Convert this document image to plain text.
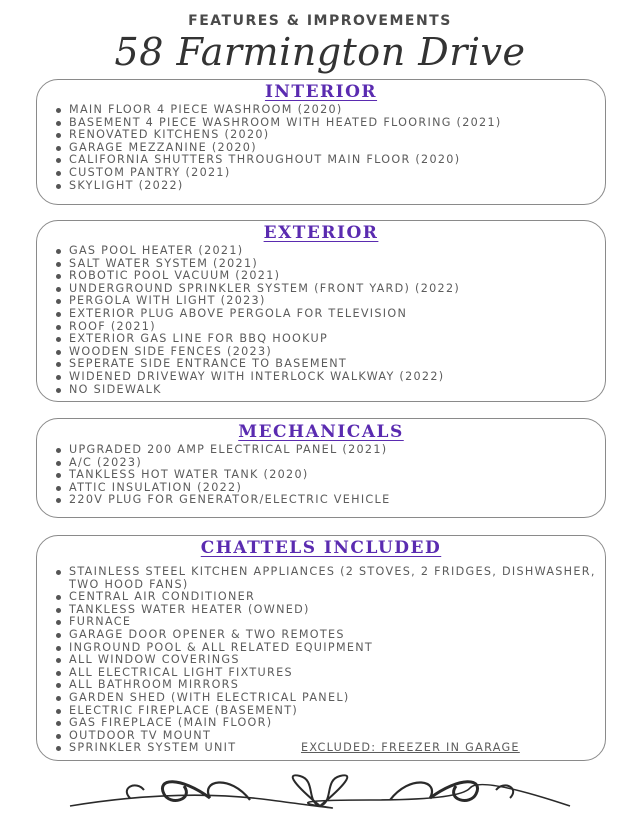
FEATURES & IMPROVEMENTS
58 Farmington Drive
INTERIOR
MAIN FLOOR 4 PIECE WASHROOM (2020)
BASEMENT 4 PIECE WASHROOM WITH HEATED FLOORING (2021)
RENOVATED KITCHENS (2020)
GARAGE MEZZANINE (2020)
CALIFORNIA SHUTTERS THROUGHOUT MAIN FLOOR (2020)
CUSTOM PANTRY (2021)
SKYLIGHT (2022)
EXTERIOR
GAS POOL HEATER (2021)
SALT WATER SYSTEM (2021)
ROBOTIC POOL VACUUM (2021)
UNDERGROUND SPRINKLER SYSTEM (FRONT YARD) (2022)
PERGOLA WITH LIGHT (2023)
EXTERIOR PLUG ABOVE PERGOLA FOR TELEVISION
ROOF (2021)
EXTERIOR GAS LINE FOR BBQ HOOKUP
WOODEN SIDE FENCES (2023)
SEPERATE SIDE ENTRANCE TO BASEMENT
WIDENED DRIVEWAY WITH INTERLOCK WALKWAY (2022)
NO SIDEWALK
MECHANICALS
UPGRADED 200 AMP ELECTRICAL PANEL (2021)
A/C (2023)
TANKLESS HOT WATER TANK (2020)
ATTIC INSULATION (2022)
220V PLUG FOR GENERATOR/ELECTRIC VEHICLE
CHATTELS INCLUDED
STAINLESS STEEL KITCHEN APPLIANCES (2 STOVES, 2 FRIDGES, DISHWASHER,
TWO HOOD FANS)
CENTRAL AIR CONDITIONER
TANKLESS WATER HEATER (OWNED)
FURNACE
GARAGE DOOR OPENER & TWO REMOTES
INGROUND POOL & ALL RELATED EQUIPMENT
ALL WINDOW COVERINGS
ALL ELECTRICAL LIGHT FIXTURES
ALL BATHROOM MIRRORS
GARDEN SHED (WITH ELECTRICAL PANEL)
ELECTRIC FIREPLACE (BASEMENT)
GAS FIREPLACE (MAIN FLOOR)
OUTDOOR TV MOUNT
SPRINKLER SYSTEM UNIT	EXCLUDED: FREEZER IN GARAGE
